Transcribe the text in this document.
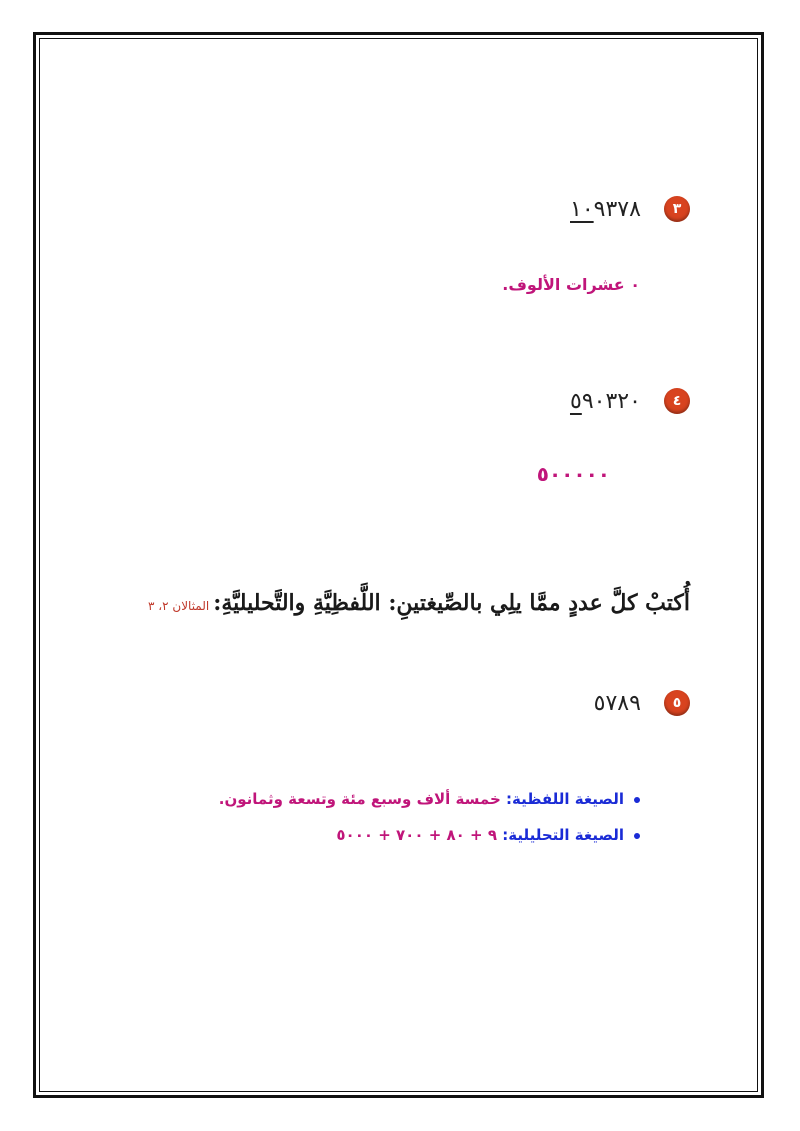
٣ ١٠٩٣٧٨
٠ عشرات الألوف.
٤ ٥٩٠٣٢٠
٥٠٠٠٠٠
أُكتبْ كلَّ عددٍ ممَّا يلِي بالصِّيغتينِ: اللَّفظِيَّةِ والتَّحليليَّةِ:المثالان ٢، ٣
٥ ٥٧٨٩
الصيغة اللفظية: خمسة ألاف وسبع مئة وتسعة وثمانون.
الصيغة التحليلية: ٩ + ٨٠ + ٧٠٠ + ٥٠٠٠
